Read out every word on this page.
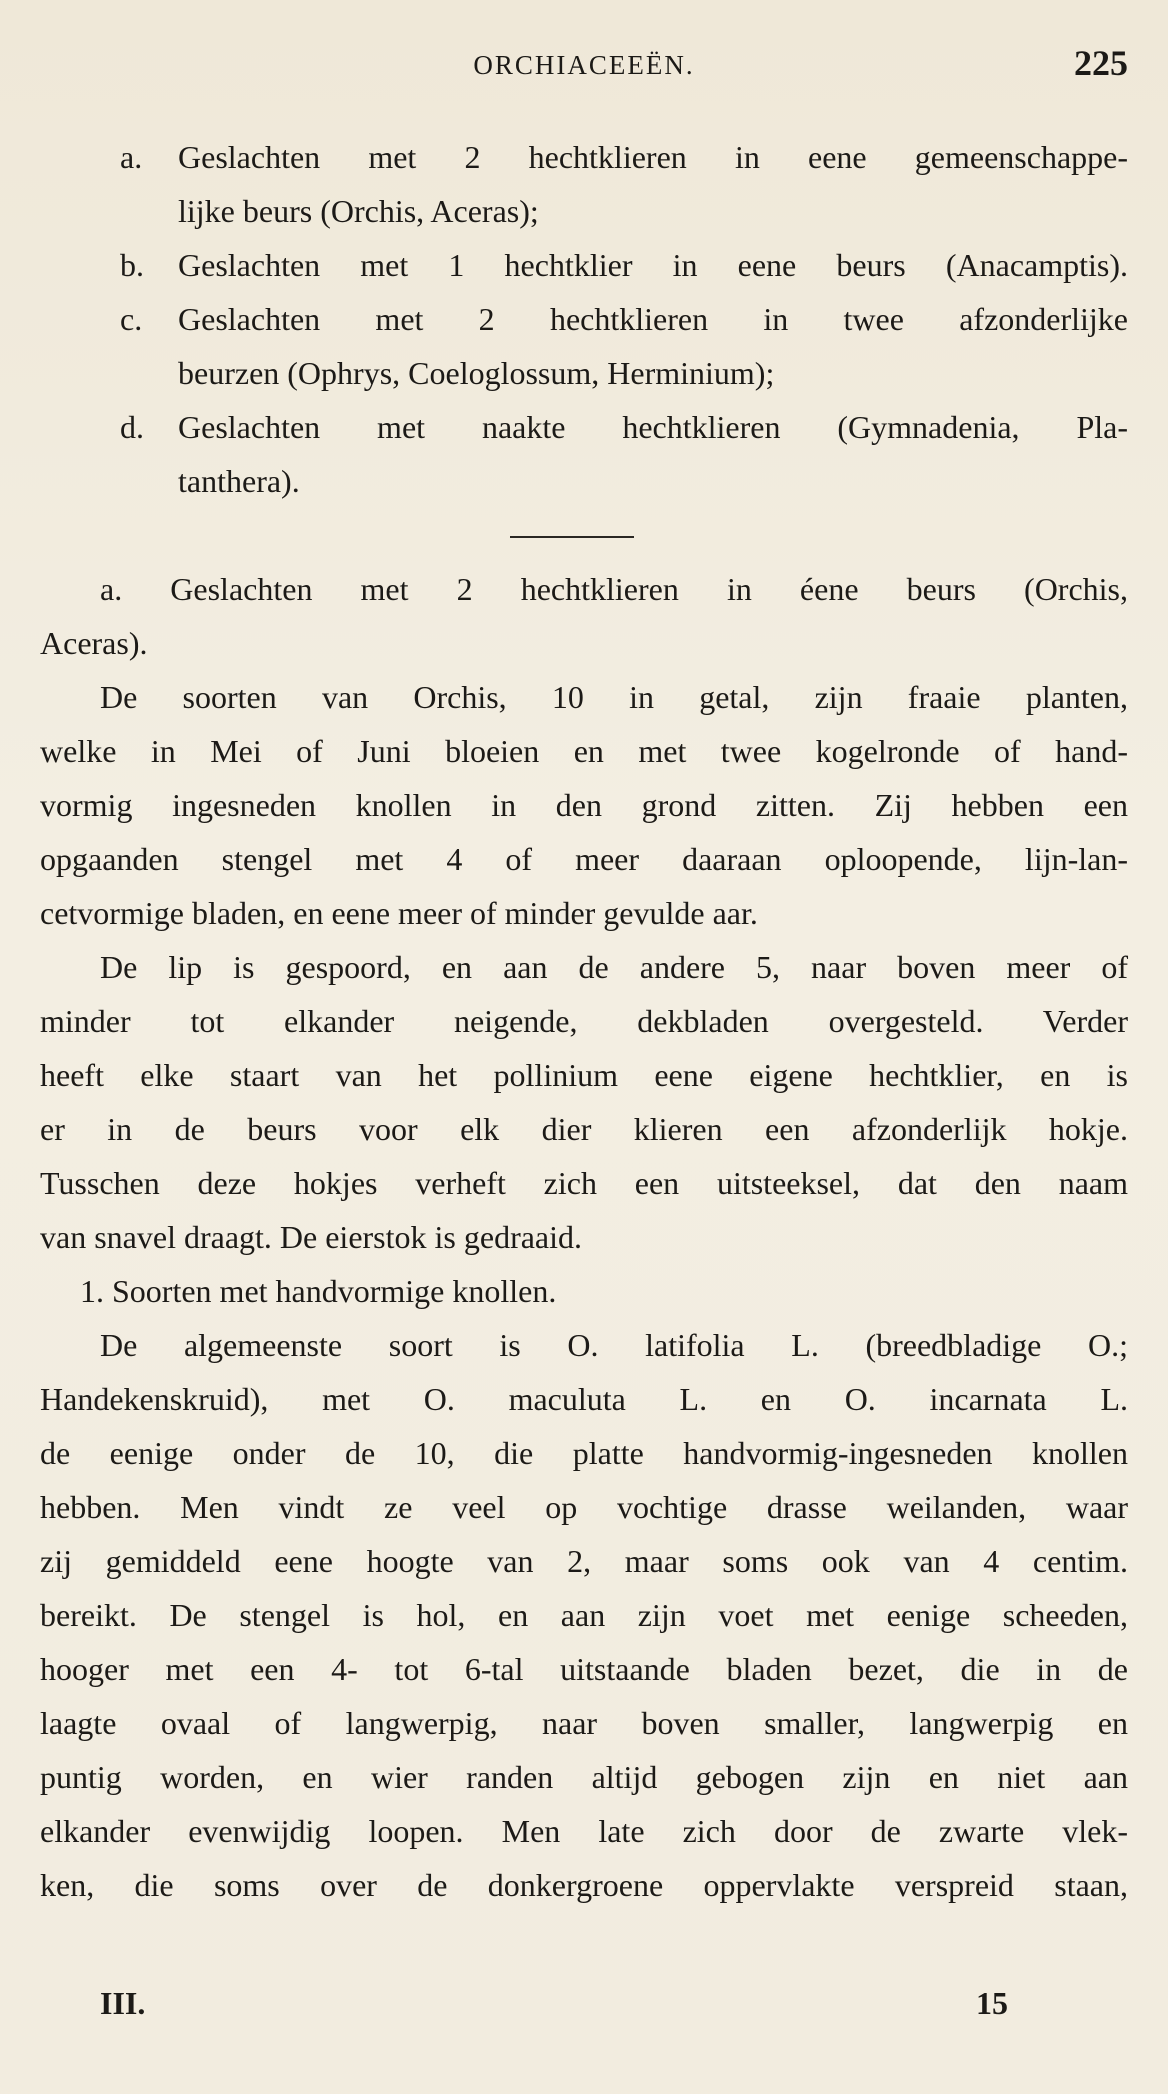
ORCHIACEEËN.	225
a.	Geslachten met 2 hechtklieren in eene gemeenschappe-
lijke beurs (Orchis, Aceras);
b.	Geslachten met 1 hechtklier in eene beurs (Anacamptis).
c.	Geslachten met 2 hechtklieren in twee afzonderlijke
beurzen (Ophrys, Coeloglossum, Herminium);
d.	Geslachten met naakte hechtklieren (Gymnadenia, Pla-
tanthera).
a. Geslachten met 2 hechtklieren in éene beurs (Orchis,
Aceras).
De soorten van Orchis, 10 in getal, zijn fraaie planten,
welke in Mei of Juni bloeien en met twee kogelronde of hand-
vormig ingesneden knollen in den grond zitten. Zij hebben een
opgaanden stengel met 4 of meer daaraan oploopende, lijn-lan-
cetvormige bladen, en eene meer of minder gevulde aar.
De lip is gespoord, en aan de andere 5, naar boven meer of
minder tot elkander neigende, dekbladen overgesteld. Verder
heeft elke staart van het pollinium eene eigene hechtklier, en is
er in de beurs voor elk dier klieren een afzonderlijk hokje.
Tusschen deze hokjes verheft zich een uitsteeksel, dat den naam
van snavel draagt. De eierstok is gedraaid.
1. Soorten met handvormige knollen.
De algemeenste soort is O. latifolia L. (breedbladige O.;
Handekenskruid), met O. maculuta L. en O. incarnata L.
de eenige onder de 10, die platte handvormig-ingesneden knollen
hebben. Men vindt ze veel op vochtige drasse weilanden, waar
zij gemiddeld eene hoogte van 2, maar soms ook van 4 centim.
bereikt. De stengel is hol, en aan zijn voet met eenige scheeden,
hooger met een 4- tot 6-tal uitstaande bladen bezet, die in de
laagte ovaal of langwerpig, naar boven smaller, langwerpig en
puntig worden, en wier randen altijd gebogen zijn en niet aan
elkander evenwijdig loopen. Men late zich door de zwarte vlek-
ken, die soms over de donkergroene oppervlakte verspreid staan,
III.	15
